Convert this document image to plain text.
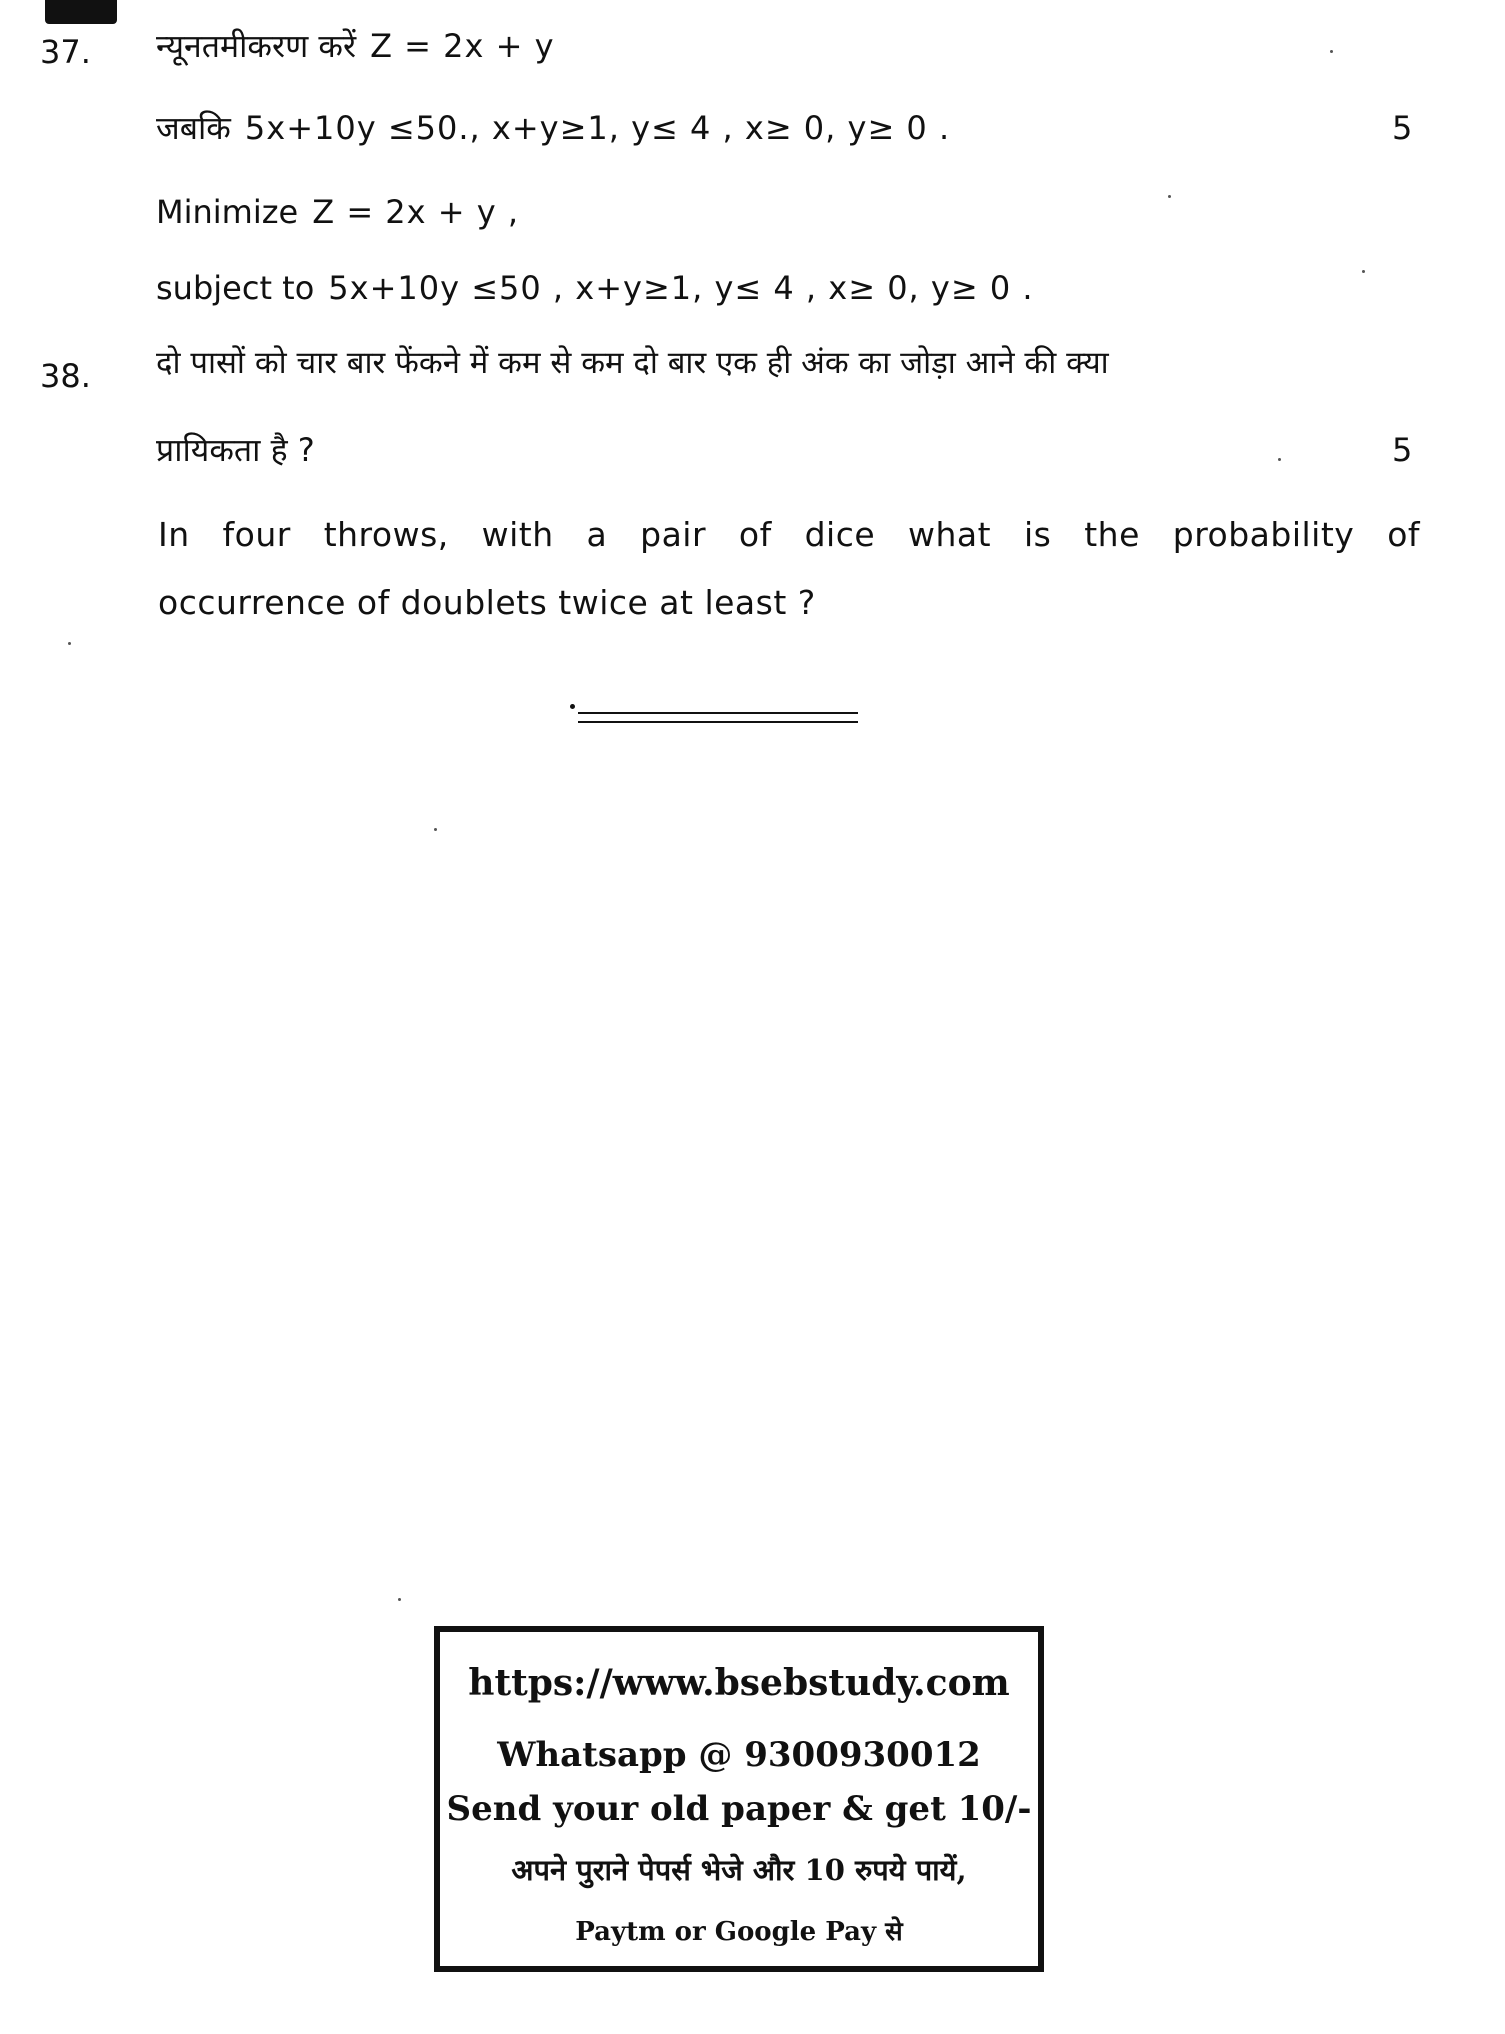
37. न्यूनतमीकरण करें Z = 2x + y
जबकि 5x+10y ≤50., x+y≥1, y≤ 4 , x≥ 0, y≥ 0 .	5
Minimize Z = 2x + y ,
subject to 5x+10y ≤50 , x+y≥1, y≤ 4 , x≥ 0, y≥ 0 .
38. दो पासों को चार बार फेंकने में कम से कम दो बार एक ही अंक का जोड़ा आने की क्या
प्रायिकता है ?	5
In four throws, with a pair of dice what is the probability of
occurrence of doublets twice at least ?
https://www.bsebstudy.com
Whatsapp @ 9300930012
Send your old paper & get 10/-
अपने पुराने पेपर्स भेजे और 10 रुपये पायें,
Paytm or Google Pay से
